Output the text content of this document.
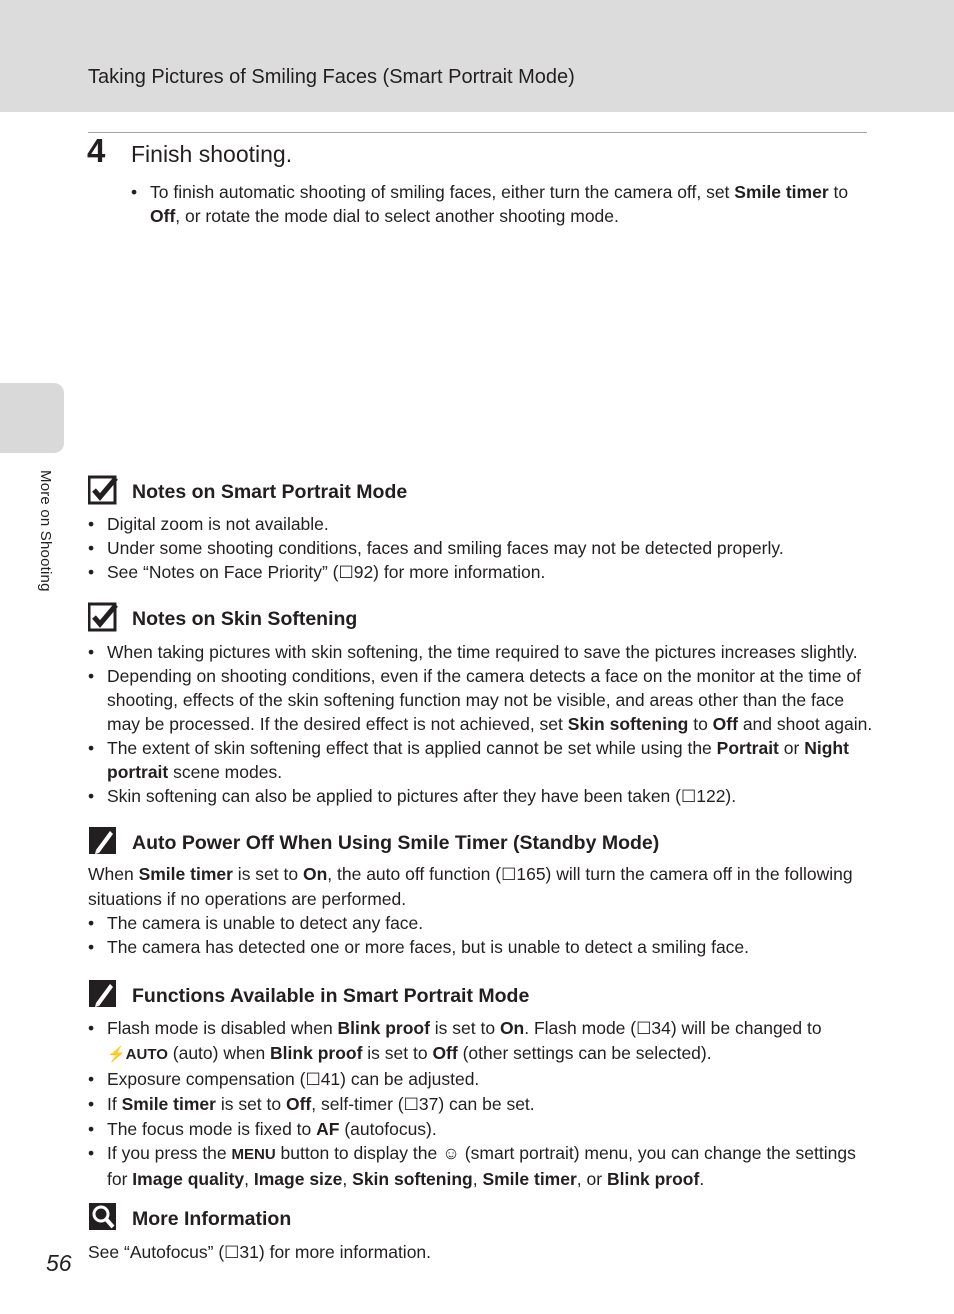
Taking Pictures of Smiling Faces (Smart Portrait Mode)
More on Shooting
4 Finish shooting.
• To finish automatic shooting of smiling faces, either turn the camera off, set Smile timer to Off, or rotate the mode dial to select another shooting mode.
Notes on Smart Portrait Mode
• Digital zoom is not available.
• Under some shooting conditions, faces and smiling faces may not be detected properly.
• See “Notes on Face Priority” (☐92) for more information.
Notes on Skin Softening
• When taking pictures with skin softening, the time required to save the pictures increases slightly.
• Depending on shooting conditions, even if the camera detects a face on the monitor at the time of shooting, effects of the skin softening function may not be visible, and areas other than the face may be processed. If the desired effect is not achieved, set Skin softening to Off and shoot again.
• The extent of skin softening effect that is applied cannot be set while using the Portrait or Night portrait scene modes.
• Skin softening can also be applied to pictures after they have been taken (☐122).
Auto Power Off When Using Smile Timer (Standby Mode)
When Smile timer is set to On, the auto off function (☐165) will turn the camera off in the following situations if no operations are performed.
• The camera is unable to detect any face.
• The camera has detected one or more faces, but is unable to detect a smiling face.
Functions Available in Smart Portrait Mode
• Flash mode is disabled when Blink proof is set to On. Flash mode (☐34) will be changed to ⚡AUTO (auto) when Blink proof is set to Off (other settings can be selected).
• Exposure compensation (☐41) can be adjusted.
• If Smile timer is set to Off, self-timer (☐37) can be set.
• The focus mode is fixed to AF (autofocus).
• If you press the MENU button to display the ☺ (smart portrait) menu, you can change the settings for Image quality, Image size, Skin softening, Smile timer, or Blink proof.
More Information
See “Autofocus” (☐31) for more information.
56
